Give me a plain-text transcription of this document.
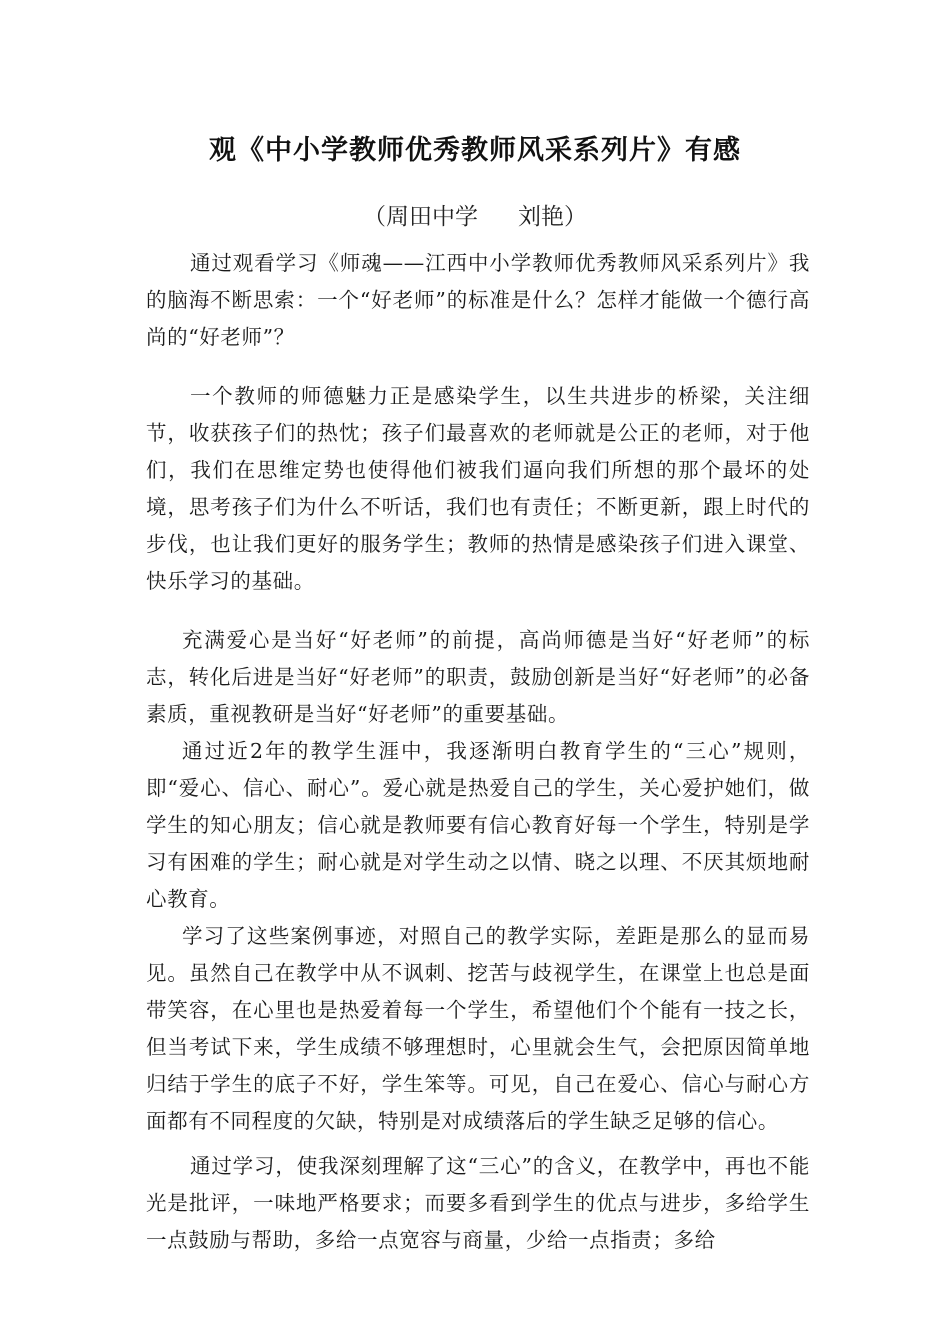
观《中小学教师优秀教师风采系列片》有感
（周田中学 刘艳）

通过观看学习《师魂——江西中小学教师优秀教师风采系列片》我的脑海不断思索：一个“好老师”的标准是什么？怎样才能做一个德行高尚的“好老师”？

一个教师的师德魅力正是感染学生，以生共进步的桥梁，关注细节，收获孩子们的热忱；孩子们最喜欢的老师就是公正的老师，对于他们，我们在思维定势也使得他们被我们逼向我们所想的那个最坏的处境，思考孩子们为什么不听话，我们也有责任；不断更新，跟上时代的步伐，也让我们更好的服务学生；教师的热情是感染孩子们进入课堂、快乐学习的基础。

充满爱心是当好“好老师”的前提，高尚师德是当好“好老师”的标志，转化后进是当好“好老师”的职责，鼓励创新是当好“好老师”的必备素质，重视教研是当好“好老师”的重要基础。

通过近2年的教学生涯中，我逐渐明白教育学生的“三心”规则，即“爱心、信心、耐心”。爱心就是热爱自己的学生，关心爱护她们，做学生的知心朋友；信心就是教师要有信心教育好每一个学生，特别是学习有困难的学生；耐心就是对学生动之以情、晓之以理、不厌其烦地耐心教育。

学习了这些案例事迹，对照自己的教学实际，差距是那么的显而易见。虽然自己在教学中从不讽刺、挖苦与歧视学生，在课堂上也总是面带笑容，在心里也是热爱着每一个学生，希望他们个个能有一技之长，但当考试下来，学生成绩不够理想时，心里就会生气，会把原因简单地归结于学生的底子不好，学生笨等。可见，自己在爱心、信心与耐心方面都有不同程度的欠缺，特别是对成绩落后的学生缺乏足够的信心。

通过学习，使我深刻理解了这“三心”的含义，在教学中，再也不能光是批评，一味地严格要求；而要多看到学生的优点与进步，多给学生一点鼓励与帮助，多给一点宽容与商量，少给一点指责；多给
